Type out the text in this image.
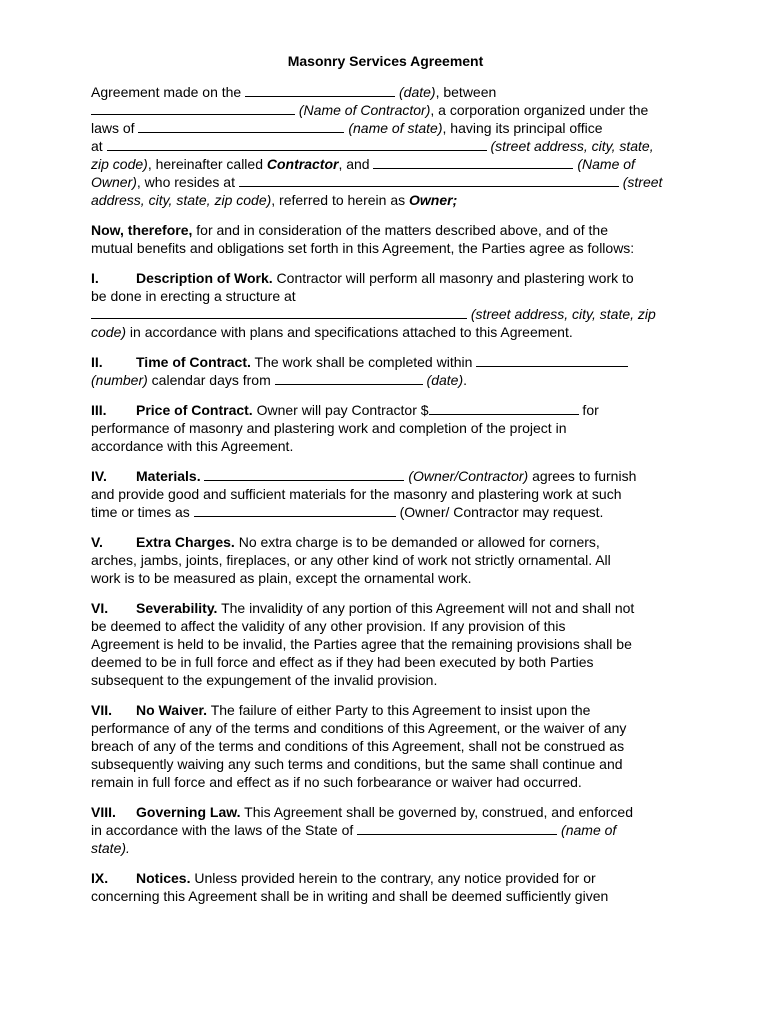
Masonry Services Agreement

Agreement made on the	(date), between

(Name of Contractor), a corporation organized under the

laws of	(name of state), having its principal office

at	(street address, city, state,

zip code), hereinafter called Contractor, and	(Name of

Owner), who resides at	(street

address, city, state, zip code), referred to herein as Owner;

Now, therefore, for and in consideration of the matters described above, and of the

mutual benefits and obligations set forth in this Agreement, the Parties agree as follows:

I.	Description of Work. Contractor will perform all masonry and plastering work to

be done in erecting a structure at

(street address, city, state, zip

code) in accordance with plans and specifications attached to this Agreement.

II. Time of Contract. The work shall be completed within

(number) calendar days from	(date).

III. Price of Contract. Owner will pay Contractor $	for

performance of masonry and plastering work and completion of the project in

accordance with this Agreement.

IV. Materials.	(Owner/Contractor) agrees to furnish

and provide good and sufficient materials for the masonry and plastering work at such

time or times as	(Owner/ Contractor may request.

V. Extra Charges. No extra charge is to be demanded or allowed for corners,

arches, jambs, joints, fireplaces, or any other kind of work not strictly ornamental. All

work is to be measured as plain, except the ornamental work.

VI. Severability. The invalidity of any portion of this Agreement will not and shall not

be deemed to affect the validity of any other provision. If any provision of this

Agreement is held to be invalid, the Parties agree that the remaining provisions shall be

deemed to be in full force and effect as if they had been executed by both Parties

subsequent to the expungement of the invalid provision.

VII. No Waiver. The failure of either Party to this Agreement to insist upon the

performance of any of the terms and conditions of this Agreement, or the waiver of any

breach of any of the terms and conditions of this Agreement, shall not be construed as

subsequently waiving any such terms and conditions, but the same shall continue and

remain in full force and effect as if no such forbearance or waiver had occurred.

VIII. Governing Law. This Agreement shall be governed by, construed, and enforced

in accordance with the laws of the State of	(name of

state).

IX. Notices. Unless provided herein to the contrary, any notice provided for or

concerning this Agreement shall be in writing and shall be deemed sufficiently given
